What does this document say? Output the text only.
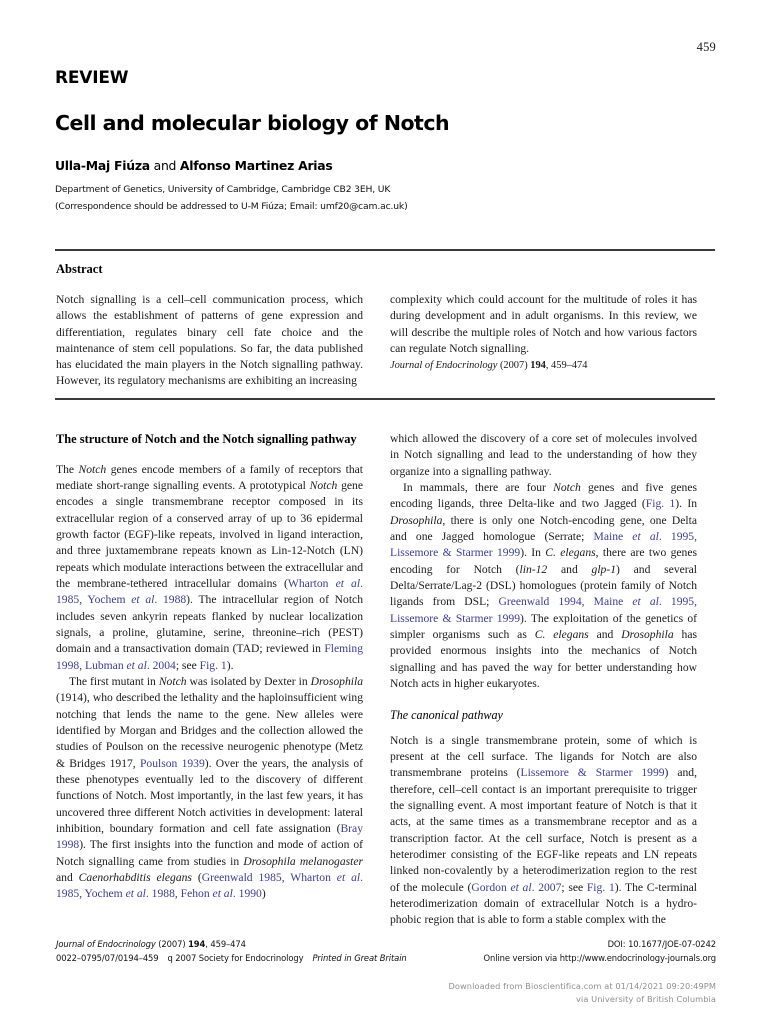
459
REVIEW
Cell and molecular biology of Notch
Ulla-Maj Fiúza and Alfonso Martinez Arias
Department of Genetics, University of Cambridge, Cambridge CB2 3EH, UK
(Correspondence should be addressed to U-M Fiúza; Email: umf20@cam.ac.uk)
Abstract
Notch signalling is a cell–cell communication process, which allows the establishment of patterns of gene expression and differentiation, regulates binary cell fate choice and the maintenance of stem cell populations. So far, the data published has elucidated the main players in the Notch signalling pathway. However, its regulatory mechanisms are exhibiting an increasing
complexity which could account for the multitude of roles it has during development and in adult organisms. In this review, we will describe the multiple roles of Notch and how various factors can regulate Notch signalling.
Journal of Endocrinology (2007) 194, 459–474
The structure of Notch and the Notch signalling pathway

The Notch genes encode members of a family of receptors that mediate short-range signalling events. A prototypical Notch gene encodes a single transmembrane receptor composed in its extracellular region of a conserved array of up to 36 epidermal growth factor (EGF)-like repeats, involved in ligand interaction, and three juxtamembrane repeats known as Lin-12-Notch (LN) repeats which modulate interactions between the extracellular and the membrane-tethered intracellular domains (Wharton et al. 1985, Yochem et al. 1988). The intracellular region of Notch includes seven ankyrin repeats flanked by nuclear localization signals, a proline, glutamine, serine, threonine–rich (PEST) domain and a transactivation domain (TAD; reviewed in Fleming 1998, Lubman et al. 2004; see Fig. 1).

The first mutant in Notch was isolated by Dexter in Drosophila (1914), who described the lethality and the haploinsufficient wing notching that lends the name to the gene. New alleles were identified by Morgan and Bridges and the collection allowed the studies of Poulson on the recessive neurogenic phenotype (Metz & Bridges 1917, Poulson 1939). Over the years, the analysis of these phenotypes eventually led to the discovery of different functions of Notch. Most importantly, in the last few years, it has uncovered three different Notch activities in development: lateral inhibition, boundary formation and cell fate assignation (Bray 1998). The first insights into the function and mode of action of Notch signalling came from studies in Drosophila melanogaster and Caenorhabditis elegans (Greenwald 1985, Wharton et al. 1985, Yochem et al. 1988, Fehon et al. 1990)

which allowed the discovery of a core set of molecules involved in Notch signalling and lead to the understanding of how they organize into a signalling pathway.

In mammals, there are four Notch genes and five genes encoding ligands, three Delta-like and two Jagged (Fig. 1). In Drosophila, there is only one Notch-encoding gene, one Delta and one Jagged homologue (Serrate; Maine et al. 1995, Lissemore & Starmer 1999). In C. elegans, there are two genes encoding for Notch (lin-12 and glp-1) and several Delta/Serrate/Lag-2 (DSL) homologues (protein family of Notch ligands from DSL; Greenwald 1994, Maine et al. 1995, Lissemore & Starmer 1999). The exploitation of the genetics of simpler organisms such as C. elegans and Drosophila has provided enormous insights into the mechanics of Notch signalling and has paved the way for better understanding how Notch acts in higher eukaryotes.

The canonical pathway

Notch is a single transmembrane protein, some of which is present at the cell surface. The ligands for Notch are also transmembrane proteins (Lissemore & Starmer 1999) and, therefore, cell–cell contact is an important prerequisite to trigger the signalling event. A most important feature of Notch is that it acts, at the same times as a transmembrane receptor and as a transcription factor. At the cell surface, Notch is present as a heterodimer consisting of the EGF-like repeats and LN repeats linked non-covalently by a heterodimerization region to the rest of the molecule (Gordon et al. 2007; see Fig. 1). The C-terminal heterodimerization domain of extracellular Notch is a hydro-phobic region that is able to form a stable complex with the

Journal of Endocrinology (2007) 194, 459–474	DOI: 10.1677/JOE-07-0242
0022–0795/07/0194–459 q 2007 Society for Endocrinology Printed in Great Britain	Online version via http://www.endocrinology-journals.org
Downloaded from Bioscientifica.com at 01/14/2021 09:20:49PM
via University of British Columbia
